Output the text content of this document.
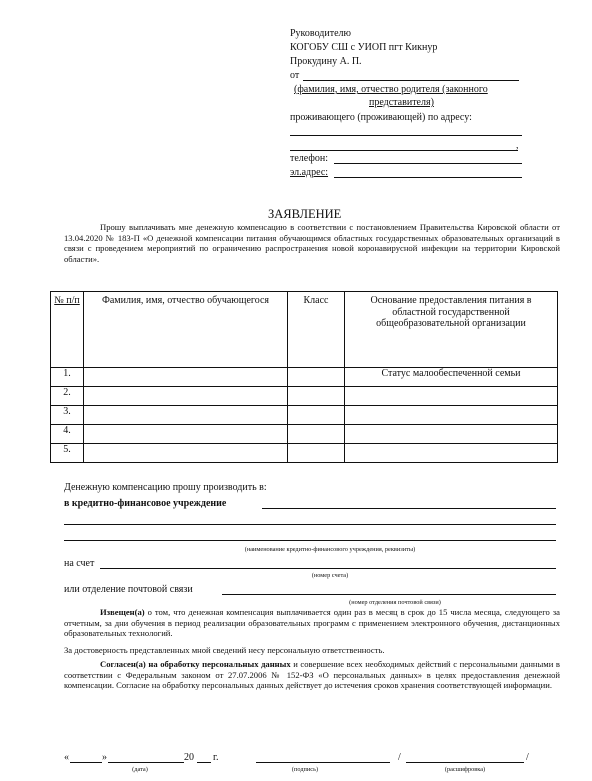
Руководителю
КОГОБУ СШ с УИОП пгт Кикнур
Прокудину А. П.
от
(фамилия, имя, отчество родителя (законного
представителя)
проживающего (проживающей) по адресу:
,
телефон:
эл.адрес:
ЗАЯВЛЕНИЕ
Прошу выплачивать мне денежную компенсацию в соответствии с постановлением Правительства Кировской области от 13.04.2020 № 183-П «О денежной компенсации питания обучающимся областных государственных образовательных организаций в связи с проведением мероприятий по ограничению распространения новой коронавирусной инфекции на территории Кировской области».
№ п/п	Фамилия, имя, отчество обучающегося	Класс	Основание предоставления питания в областной государственной общеобразовательной организации
1.			Статус малообеспеченной семьи
2.			
3.			
4.			
5.			
Денежную компенсацию прошу производить в:
в кредитно-финансовое учреждение
(наименование кредитно-финансового учреждения, реквизиты)
на счет
(номер счета)
или отделение почтовой связи
(номер отделения почтовой связи)
Извещен(а) о том, что денежная компенсация выплачивается один раз в месяц в срок до 15 числа месяца, следующего за отчетным, за дни обучения в период реализации образовательных программ с применением электронного обучения, дистанционных образовательных технологий.
За достоверность представленных мной сведений несу персональную ответственность.
Согласен(а) на обработку персональных данных и совершение всех необходимых действий с персональными данными в соответствии с Федеральным законом от 27.07.2006 № 152-ФЗ «О персональных данных» в целях предоставления денежной компенсации. Согласие на обработку персональных данных действует до истечения сроков хранения соответствующей информации.
«	»	20 г.
(дата)
/
(подпись)
/
(расшифровка)
